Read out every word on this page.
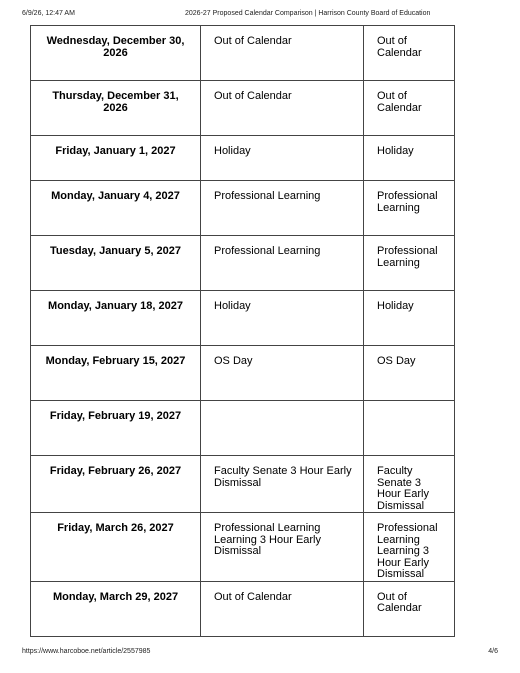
6/9/26, 12:47 AM	2026-27 Proposed Calendar Comparison | Harrison County Board of Education
Wednesday, December 30, 2026	Out of Calendar	Out of Calendar
Thursday, December 31, 2026	Out of Calendar	Out of Calendar
Friday, January 1, 2027	Holiday	Holiday
Monday, January 4, 2027	Professional Learning	Professional Learning
Tuesday, January 5, 2027	Professional Learning	Professional Learning
Monday, January 18, 2027	Holiday	Holiday
Monday, February 15, 2027	OS Day	OS Day
Friday, February 19, 2027		
Friday, February 26, 2027	Faculty Senate 3 Hour Early Dismissal	Faculty Senate 3 Hour Early Dismissal
Friday, March 26, 2027	Professional Learning Learning 3 Hour Early Dismissal	Professional Learning Learning 3 Hour Early Dismissal
Monday, March 29, 2027	Out of Calendar	Out of Calendar
https://www.harcoboe.net/article/2557985	4/6
